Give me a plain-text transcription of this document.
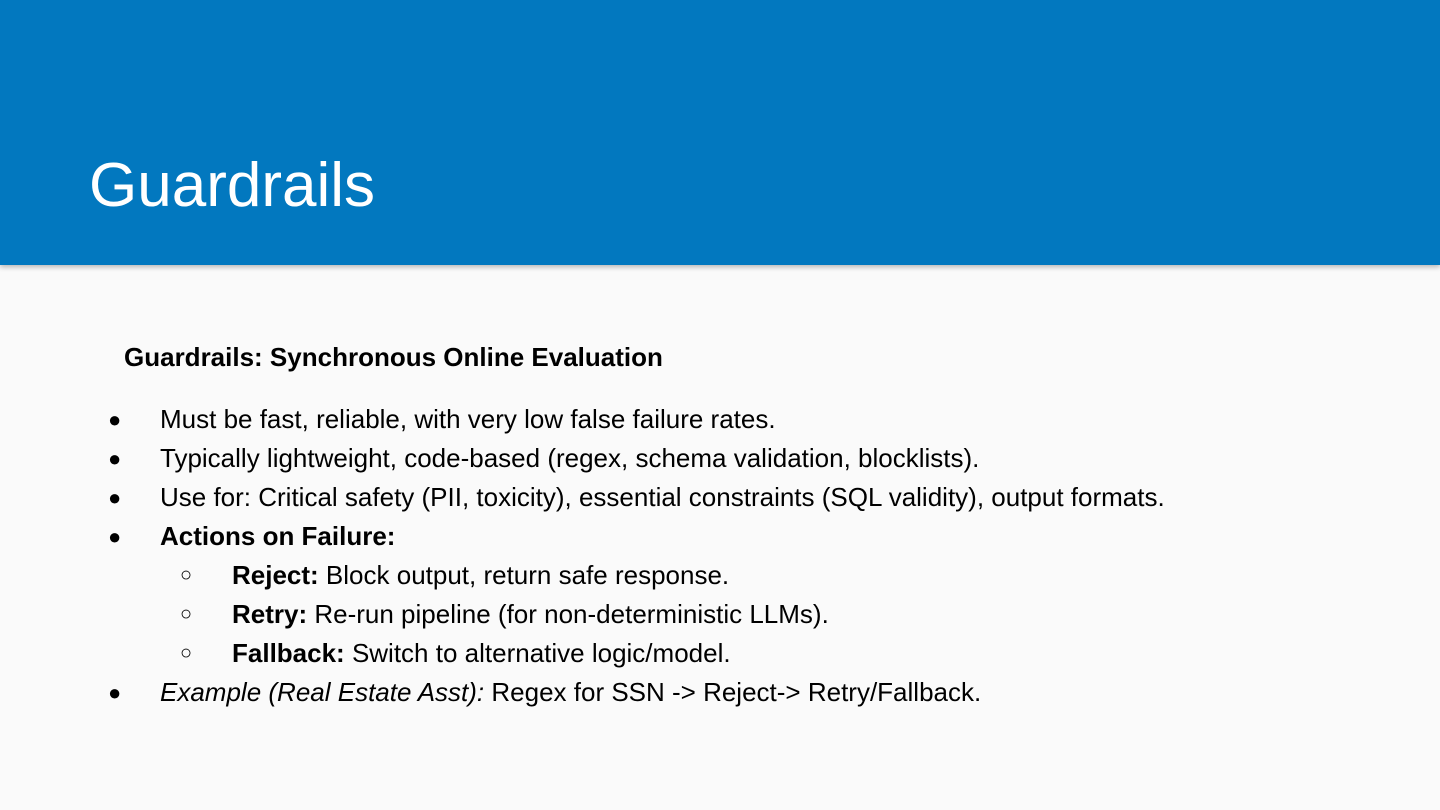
Guardrails
Guardrails: Synchronous Online Evaluation
● Must be fast, reliable, with very low false failure rates.
● Typically lightweight, code-based (regex, schema validation, blocklists).
● Use for: Critical safety (PII, toxicity), essential constraints (SQL validity), output formats.
● Actions on Failure:
○ Reject: Block output, return safe response.
○ Retry: Re-run pipeline (for non-deterministic LLMs).
○ Fallback: Switch to alternative logic/model.
● Example (Real Estate Asst): Regex for SSN -> Reject-> Retry/Fallback.
